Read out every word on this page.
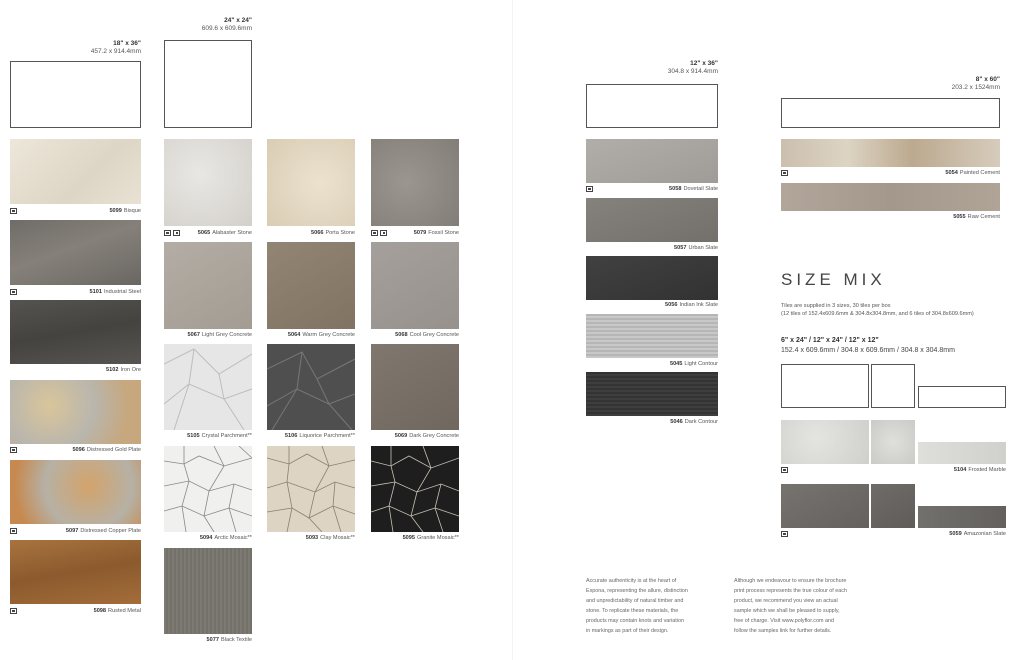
18" x 36"
457.2 x 914.4mm
24" x 24"
609.6 x 609.6mm
5099 Bisque
5101 Industrial Steel
5102 Iron Ore
5096 Distressed Gold Plate
5097 Distressed Copper Plate
5098 Rusted Metal
5065 Alabaster Stone
5067 Light Grey Concrete
5105 Crystal Parchment**
5094 Arctic Mosaic**
5077 Black Textile
5066 Porta Stone
5064 Warm Grey Concrete
5106 Liquorice Parchment**
5093 Clay Mosaic**
5079 Fossil Stone
5068 Cool Grey Concrete
5069 Dark Grey Concrete
5095 Granite Mosaic**
12" x 36"
304.8 x 914.4mm
5058 Dovetail Slate
5057 Urban Slate
5056 Indian Ink Slate
5045 Light Contour
5046 Dark Contour
8" x 60"
203.2 x 1524mm
5054 Painted Cement
5055 Raw Cement
SIZE MIX
Tiles are supplied in 3 sizes, 30 tiles per box
(12 tiles of 152.4x609.6mm & 304.8x304.8mm, and 6 tiles of 304.8x609.6mm)
6" x 24" / 12" x 24" / 12" x 12"
152.4 x 609.6mm / 304.8 x 609.6mm / 304.8 x 304.8mm
5104 Frosted Marble
5059 Amazonian Slate
Accurate authenticity is at the heart of
Expona, representing the allure, distinction
and unpredictability of natural timber and
stone. To replicate these materials, the
products may contain knots and variation
in markings as part of their design.
Although we endeavour to ensure the brochure
print process represents the true colour of each
product, we recommend you view an actual
sample which we shall be pleased to supply,
free of charge. Visit www.polyflor.com and
follow the samples link for further details.
